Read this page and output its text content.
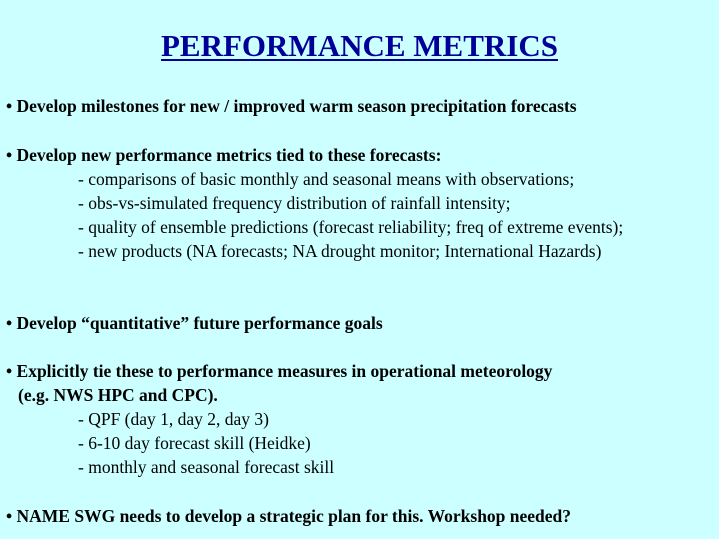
PERFORMANCE METRICS
• Develop milestones for new / improved warm season precipitation forecasts
• Develop new performance metrics tied to these forecasts:
- comparisons of basic monthly and seasonal means with observations;
- obs-vs-simulated frequency distribution of rainfall intensity;
- quality of ensemble predictions (forecast reliability; freq of extreme events);
- new products (NA forecasts; NA drought monitor; International Hazards)
• Develop “quantitative” future performance goals
• Explicitly tie these to performance measures in operational meteorology
(e.g. NWS HPC and CPC).
- QPF (day 1, day 2, day 3)
- 6-10 day forecast skill (Heidke)
- monthly and seasonal forecast skill
• NAME SWG needs to develop a strategic plan for this. Workshop needed?
